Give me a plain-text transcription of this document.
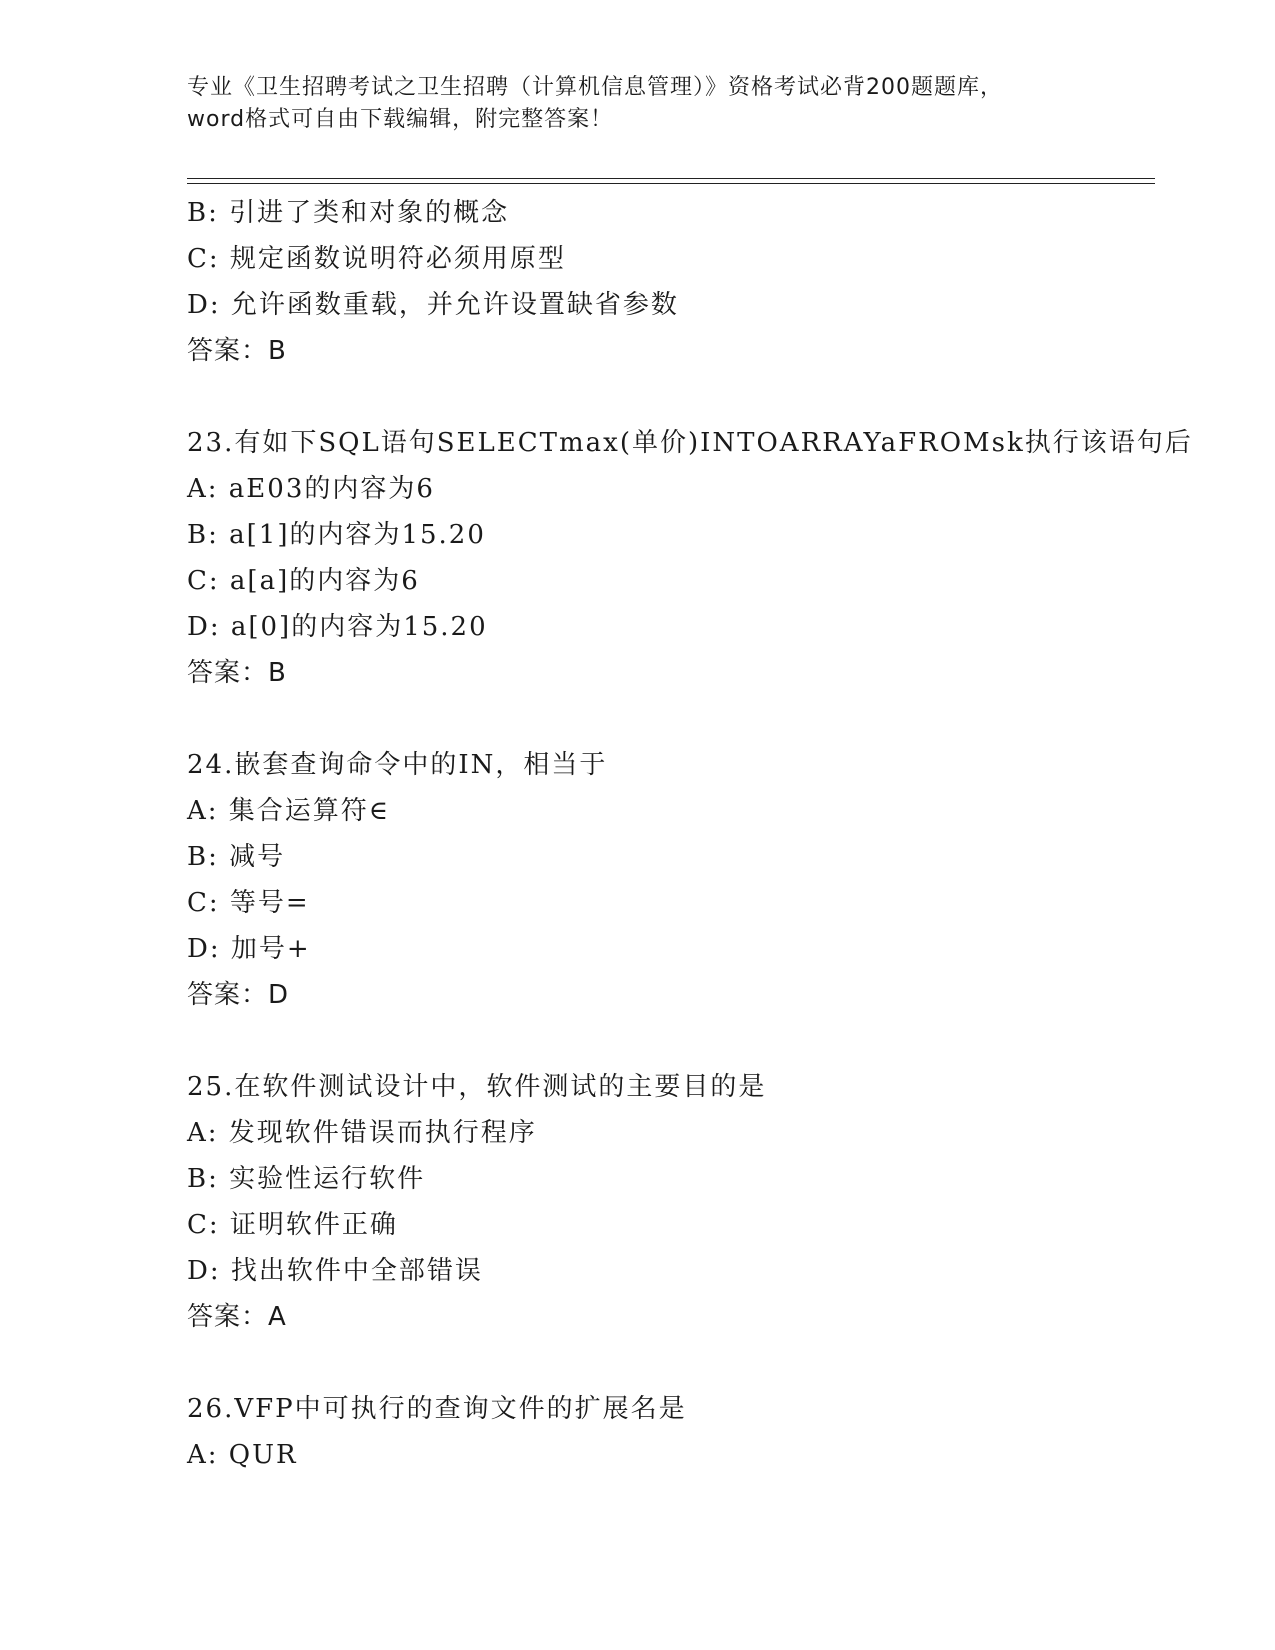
专业《卫生招聘考试之卫生招聘（计算机信息管理）》资格考试必背200题题库，
word格式可自由下载编辑，附完整答案！
B: 引进了类和对象的概念
C: 规定函数说明符必须用原型
D: 允许函数重载，并允许设置缺省参数
答案：B
23.有如下SQL语句SELECTmax(单价)INTOARRAYaFROMsk执行该语句后
A: aE03的内容为6
B: a[1]的内容为15.20
C: a[a]的内容为6
D: a[0]的内容为15.20
答案：B
24.嵌套查询命令中的IN，相当于
A: 集合运算符∈
B: 减号
C: 等号=
D: 加号+
答案：D
25.在软件测试设计中，软件测试的主要目的是
A: 发现软件错误而执行程序
B: 实验性运行软件
C: 证明软件正确
D: 找出软件中全部错误
答案：A
26.VFP中可执行的查询文件的扩展名是
A: QUR
